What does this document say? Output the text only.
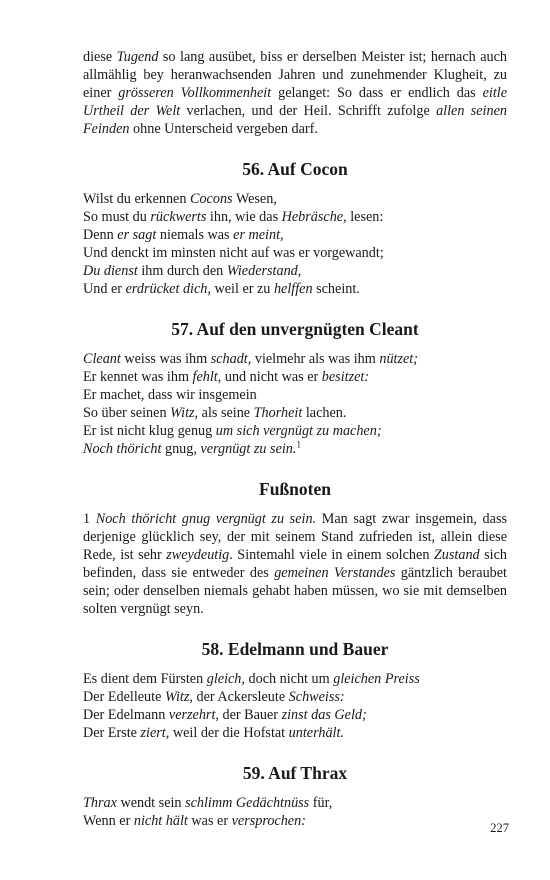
diese Tugend so lang ausübet, biss er derselben Meister ist; hernach auch allmählig bey heranwachsenden Jahren und zunehmender Klugheit, zu einer grösseren Vollkommenheit gelanget: So dass er endlich das eitle Urtheil der Welt verlachen, und der Heil. Schrifft zufolge allen seinen Feinden ohne Unterscheid vergeben darf.

56. Auf Cocon
Wilst du erkennen Cocons Wesen,
So must du rückwerts ihn, wie das Hebräsche, lesen:
Denn er sagt niemals was er meint,
Und denckt im minsten nicht auf was er vorgewandt;
Du dienst ihm durch den Wiederstand,
Und er erdrücket dich, weil er zu helffen scheint.
57. Auf den unvergnügten Cleant
Cleant weiss was ihm schadt, vielmehr als was ihm nützet;
Er kennet was ihm fehlt, und nicht was er besitzet:
Er machet, dass wir insgemein
So über seinen Witz, als seine Thorheit lachen.
Er ist nicht klug genug um sich vergnügt zu machen;
Noch thöricht gnug, vergnügt zu sein.$^1$
Fußnoten

1 Noch thöricht gnug vergnügt zu sein. Man sagt zwar insgemein, dass derjenige glücklich sey, der mit seinem Stand zufrieden ist, allein diese Rede, ist sehr zweydeutig. Sintemahl viele in einem solchen Zustand sich befinden, dass sie entweder des gemeinen Verstandes gäntzlich beraubet sein; oder denselben niemals gehabt haben müssen, wo sie mit demselben solten vergnügt seyn.

58. Edelmann und Bauer
Es dient dem Fürsten gleich, doch nicht um gleichen Preiss
Der Edelleute Witz, der Ackersleute Schweiss:
Der Edelmann verzehrt, der Bauer zinst das Geld;
Der Erste ziert, weil der die Hofstat unterhält.
59. Auf Thrax
Thrax wendt sein schlimm Gedächtnüss für,
Wenn er nicht hält was er versprochen:	227
